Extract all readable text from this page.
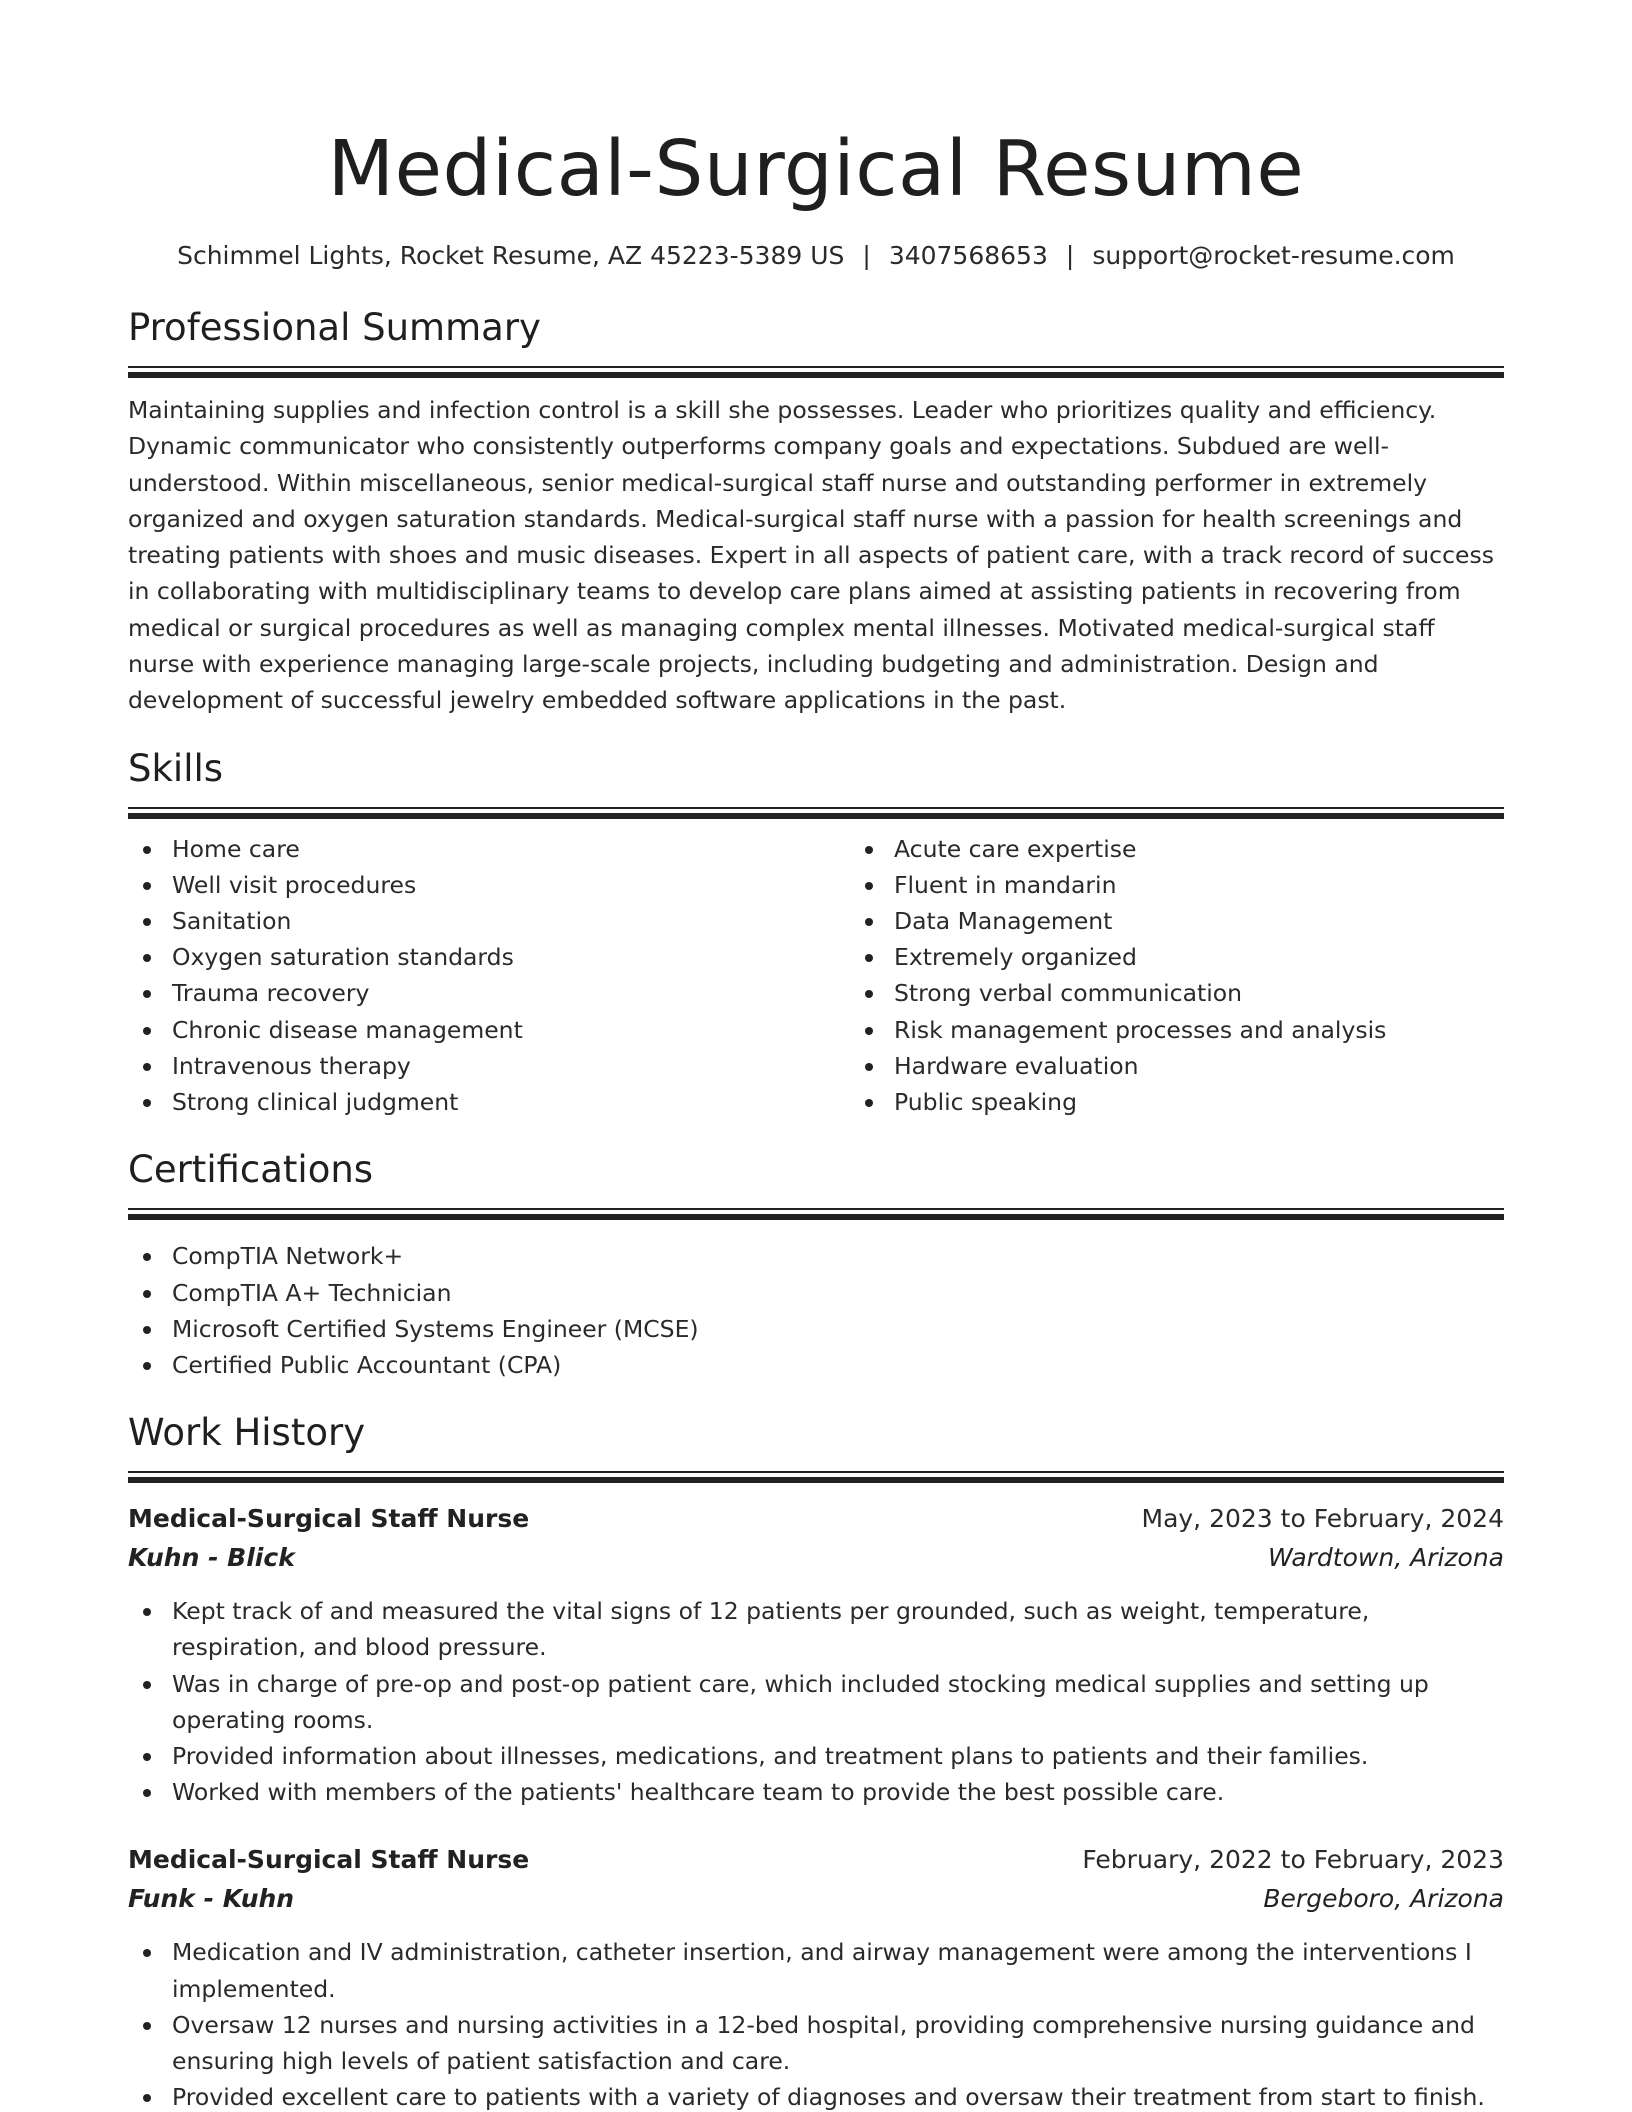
Medical-Surgical Resume
Schimmel Lights, Rocket Resume, AZ 45223-5389 US | 3407568653 | support@rocket-resume.com
Professional Summary

Maintaining supplies and infection control is a skill she possesses. Leader who prioritizes quality and efficiency. Dynamic communicator who consistently outperforms company goals and expectations. Subdued are well-understood. Within miscellaneous, senior medical-surgical staff nurse and outstanding performer in extremely organized and oxygen saturation standards. Medical-surgical staff nurse with a passion for health screenings and treating patients with shoes and music diseases. Expert in all aspects of patient care, with a track record of success in collaborating with multidisciplinary teams to develop care plans aimed at assisting patients in recovering from medical or surgical procedures as well as managing complex mental illnesses. Motivated medical-surgical staff nurse with experience managing large-scale projects, including budgeting and administration. Design and development of successful jewelry embedded software applications in the past.

Skills
Home care
Well visit procedures
Sanitation
Oxygen saturation standards
Trauma recovery
Chronic disease management
Intravenous therapy
Strong clinical judgment
Acute care expertise
Fluent in mandarin
Data Management
Extremely organized
Strong verbal communication
Risk management processes and analysis
Hardware evaluation
Public speaking
Certifications
CompTIA Network+
CompTIA A+ Technician
Microsoft Certified Systems Engineer (MCSE)
Certified Public Accountant (CPA)
Work History
Medical-Surgical Staff Nurse	May, 2023 to February, 2024
Kuhn - Blick	Wardtown, Arizona
Kept track of and measured the vital signs of 12 patients per grounded, such as weight, temperature, respiration, and blood pressure.
Was in charge of pre-op and post-op patient care, which included stocking medical supplies and setting up operating rooms.
Provided information about illnesses, medications, and treatment plans to patients and their families.
Worked with members of the patients' healthcare team to provide the best possible care.
Medical-Surgical Staff Nurse	February, 2022 to February, 2023
Funk - Kuhn	Bergeboro, Arizona
Medication and IV administration, catheter insertion, and airway management were among the interventions I implemented.
Oversaw 12 nurses and nursing activities in a 12-bed hospital, providing comprehensive nursing guidance and ensuring high levels of patient satisfaction and care.
Provided excellent care to patients with a variety of diagnoses and oversaw their treatment from start to finish.
